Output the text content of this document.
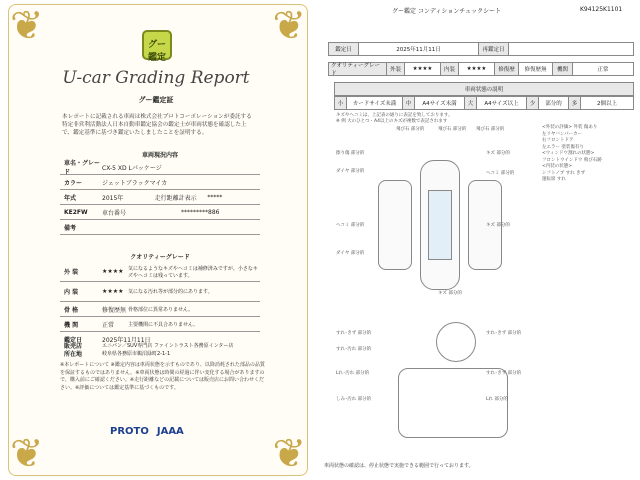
❦	❦
❦	❦
グー鑑定
U-car Grading Report
グー鑑定証
本レポートに記載される車両は株式会社プロトコーポレーションが委託する特定非営利活動法人日本自動車鑑定協会の鑑定士が車両状態を確認した上で、鑑定基準に基づき鑑定いたしましたことを証明する。
車両現況内容
車名・グレード
CX-5 XD Lパッケージ
カラー	ジェットブラックマイカ
年式	2015年	走行距離計表示	*****
KE2FW	車台番号	*********886
備考
クオリティーグレード
外 装	★★★★ 気になるようなキズやヘコミは補修済みですが、小さなキズやヘコミは残っています。
内 装	★★★★ 気になる汚れ等が部分的にあります。
骨 格	修復歴無 骨格部位に異常ありません。
機 関	正常	主要機関に不具合ありません。
鑑定日	2025年11月11日
販売店	エニパン／SUV専門店 ファイントラスト各務原インター店
所在地	岐阜県各務原市鵜沼緑町2-1-1
※本レポートについて ※鑑定内容は車両状態を示すものであり、以降消耗された部品の品質を保証するものではありません。※車両状態は時間の経過に伴い変化する場合がありますので、購入前にご確認ください。※走行距離などの記載については販売店にお問い合わせください。※評価については鑑定基準に基づくものです。
PROTO JAAA
グー鑑定 コンディションチェックシート	K94125K1101
鑑定日	2025年11月11日	再鑑定日
クオリティーグレード
外装	★★★★	内装	★★★★	修復歴	修復歴無	機関	正常
車両状態の説明
小	カードサイズ未満	中	A4サイズ未満	大	A4サイズ以上	少	部分的	多	2個以上
キズやヘコミは、上記表の通りに表記を致しております。
※ 例 大のひとつ・A4以上のキズが複数で表記されます
飛び石 部分的	飛び石 部分的 飛び石 部分的
擦り傷 部分的
ダイヤ 部分的
キズ 部分的
ヘコミ 部分的
ヘコミ 部分的
ダイヤ 部分的
キズ 部分的
キズ 部分的
すれ･きず 部分的
すれ･汚れ 部分的
すれ･きず 部分的
Lれ･汚れ 部分的	すれ･きず 部分的
しみ･汚れ 部分的	Lれ 部分的
<外装の評価> 外装 傷あり
左リヤバンパーカー
右フロントドア
左エラー 塗装傷有り
<ウィンドウ割れの状態>
フロントウインドウ 飛び石跡
<内装の状態>
シフトノブ すれ きず
運転席 すれ
車両状態の確認は、停止状態で実施できる範囲で行っております。
